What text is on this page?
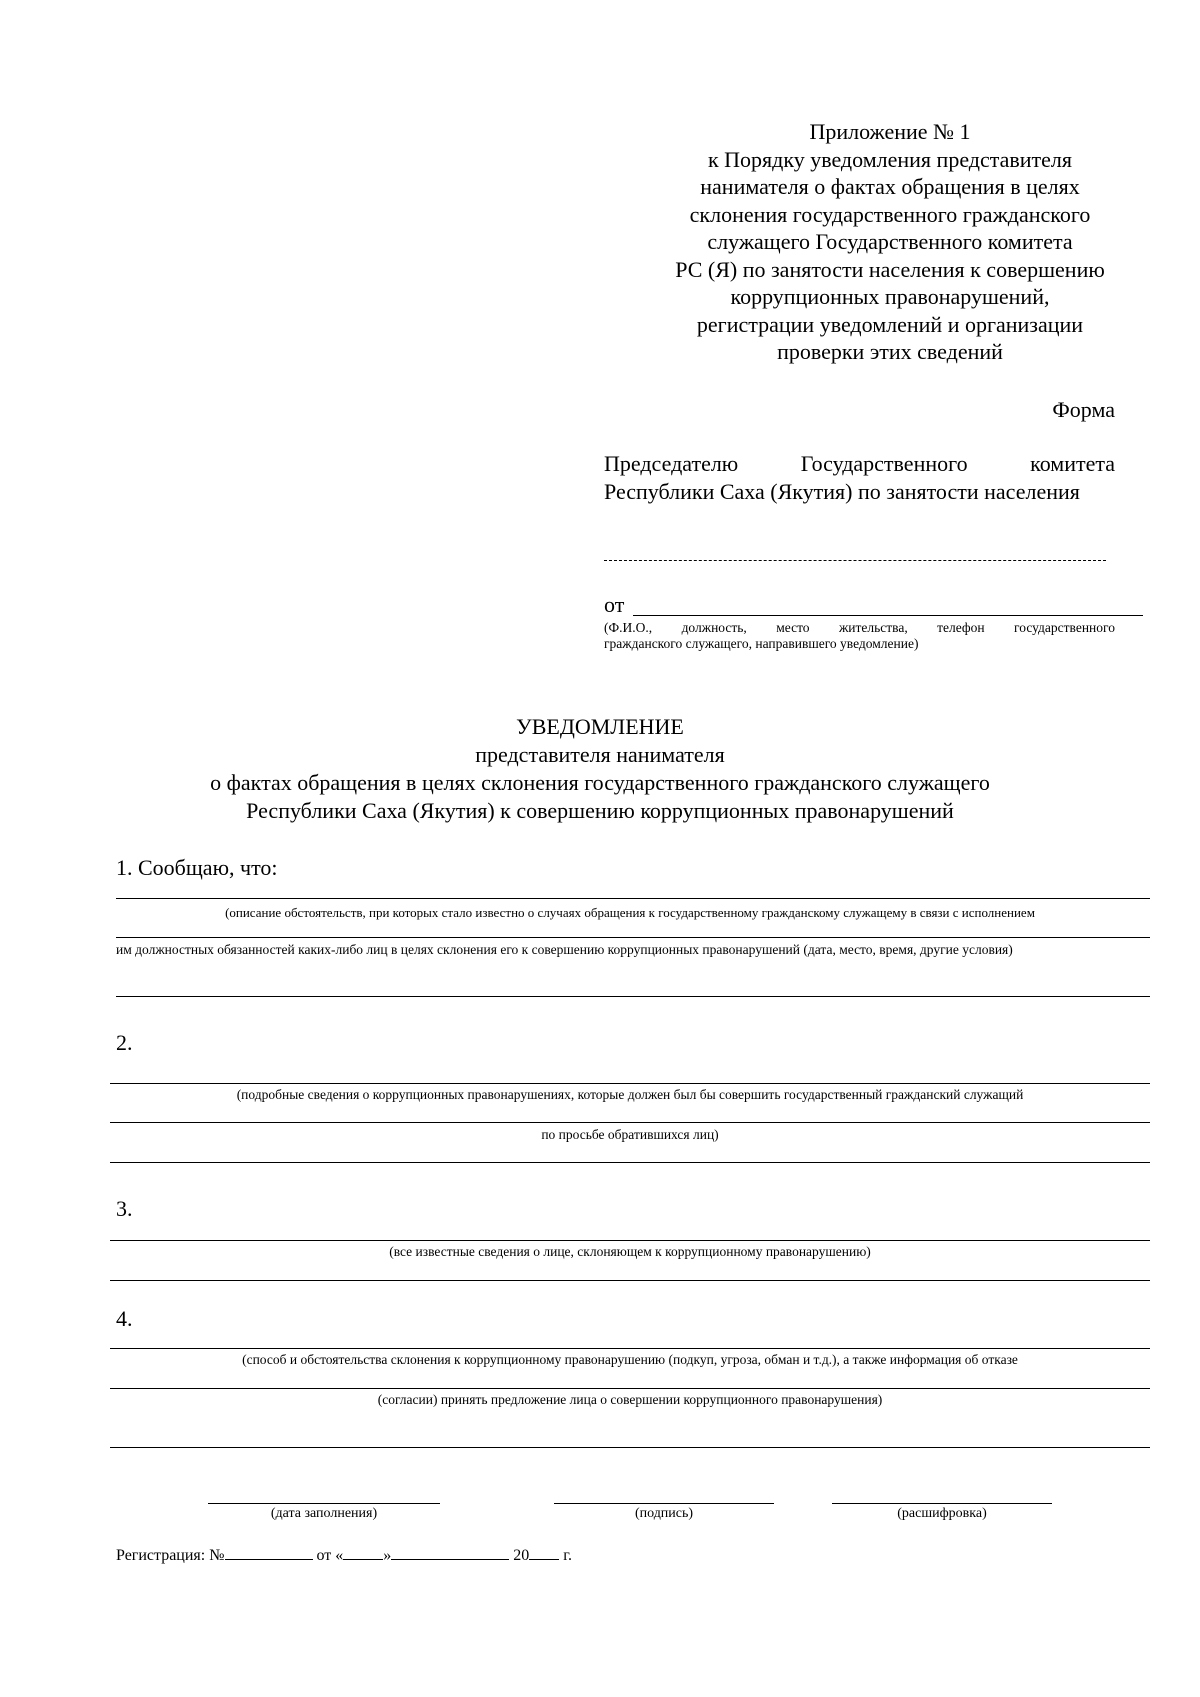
Приложение № 1
к Порядку уведомления представителя
нанимателя о фактах обращения в целях
склонения государственного гражданского
служащего Государственного комитета
РС (Я) по занятости населения к совершению
коррупционных правонарушений,
регистрации уведомлений и организации
проверки этих сведений
Форма
Председателю	Государственного	комитета
Республики Саха (Якутия) по занятости населения
от
(Ф.И.О., должность, место жительства, телефон государственного
гражданского служащего, направившего уведомление)
УВЕДОМЛЕНИЕ
представителя нанимателя
о фактах обращения в целях склонения государственного гражданского служащего
Республики Саха (Якутия) к совершению коррупционных правонарушений
1. Сообщаю, что:
(описание обстоятельств, при которых стало известно о случаях обращения к государственному гражданскому служащему в связи с исполнением
им должностных обязанностей каких-либо лиц в целях склонения его к совершению коррупционных правонарушений (дата, место, время, другие условия)
2.
(подробные сведения о коррупционных правонарушениях, которые должен был бы совершить государственный гражданский служащий
по просьбе обратившихся лиц)
3.
(все известные сведения о лице, склоняющем к коррупционному правонарушению)
4.
(способ и обстоятельства склонения к коррупционному правонарушению (подкуп, угроза, обман и т.д.), а также информация об отказе
(согласии) принять предложение лица о совершении коррупционного правонарушения)
(дата заполнения)	(подпись)	(расшифровка)
Регистрация: №	от «	»	20 г.
